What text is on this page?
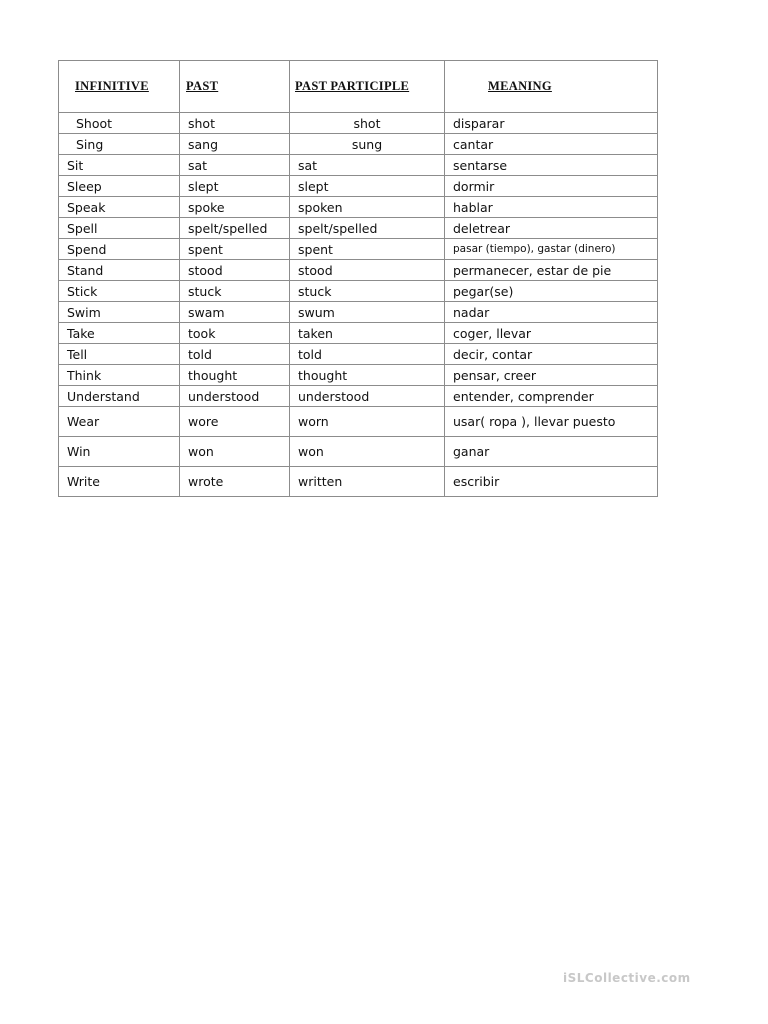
INFINITIVE	PAST	PAST PARTICIPLE	MEANING
Shoot	shot	shot	disparar
Sing	sang	sung	cantar
Sit	sat	sat	sentarse
Sleep	slept	slept	dormir
Speak	spoke	spoken	hablar
Spell	spelt/spelled	spelt/spelled	deletrear
Spend	spent	spent	pasar (tiempo), gastar (dinero)
Stand	stood	stood	permanecer, estar de pie
Stick	stuck	stuck	pegar(se)
Swim	swam	swum	nadar
Take	took	taken	coger, llevar
Tell	told	told	decir, contar
Think	thought	thought	pensar, creer
Understand	understood	understood	entender, comprender
Wear	wore	worn	usar( ropa ), llevar puesto
Win	won	won	ganar
Write	wrote	written	escribir
iSLCollective.com
